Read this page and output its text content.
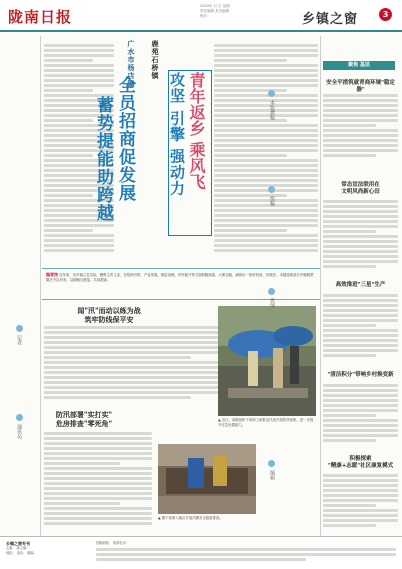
陇南日报
2024年 月 日 星期
责任编辑 美术编辑
校对	乡镇之窗	3
记者
通讯员
广水市杨店镇
全员招商促发展
蓄势提能助跨越
鹿苑石桥镇
青年返乡 乘风飞
攻坚 引擎 强动力
编者按 近年来，各乡镇立足实际，聚焦主责主业，在招商引资、产业发展、基层治理、乡村振兴等方面积极探索、大胆实践，涌现出一批好经验、好做法。本版选取部分乡镇典型做法予以刊发，以期相互借鉴、共同提高。
闻"汛"而动以练为战
筑牢防线保平安
防汛部署"实打实"
危房排查"零死角"	▲ 近日，某镇组织干部职工和群众代表开展防汛演练，进一步提升应急处置能力。
▲ 镇干部深入辖区开展汛期安全隐患排查。
聚焦 基层
安全平措筑就青商环境"稳定器"
常态宣法联用在
文明风尚新心田
高效推进"三星"生产
"清洁积分"带响乡村焕变新
积极探索
"精康+志愿"社区康复模式
本版撰稿
组稿
供图
编辑
乡镇之窗专刊
主编： 副主编：
地址： 电话： 邮编：
投稿邮箱： 联系电话：
